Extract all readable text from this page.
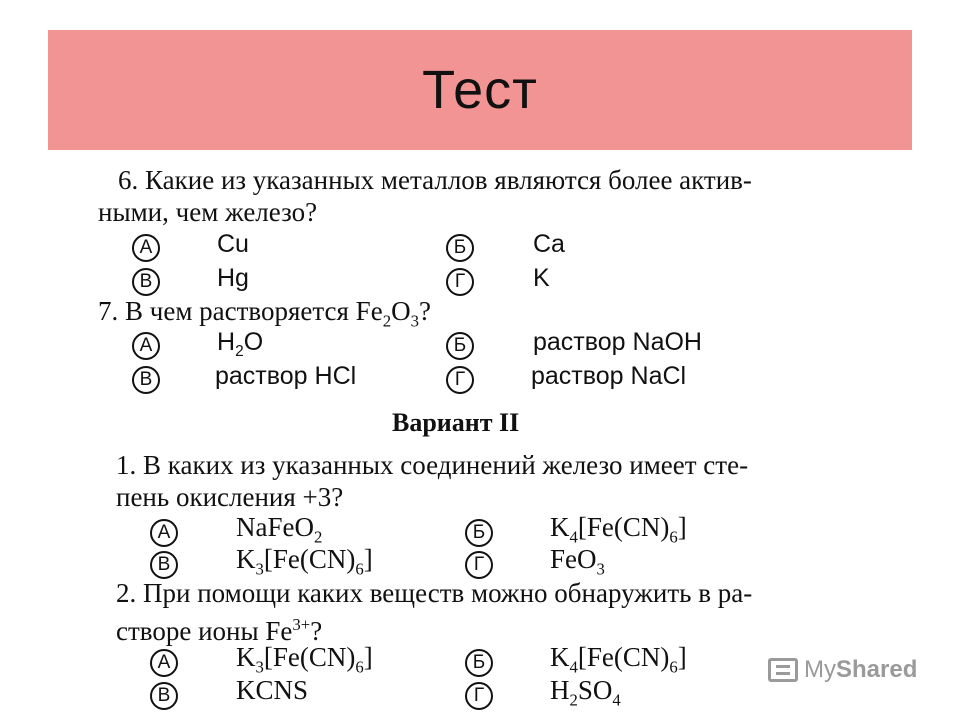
Тест
6. Какие из указанных металлов являются более актив-
ными, чем железо?
А	Cu	Б	Ca
В	Hg	Г	K
7. В чем растворяется $Fe_2O_3$?
А	$H_2O$	Б	раствор NaOH
В	раствор HCl	Г	раствор NaCl
Вариант II
1. В каких из указанных соединений железо имеет сте-
пень окисления +3?
А NaFeO$_2$	Б $K_4[Fe(CN)_6]$
В $K_3[Fe(CN)_6]$	Г	FeO$_3$
2. При помощи каких веществ можно обнаружить в ра-
створе ионы $Fe^{3+}$?
А $K_3[Fe(CN)_6]$	Б $K_4[Fe(CN)_6]$
В KCNS	Г	$H_2SO_4$
MyShared
